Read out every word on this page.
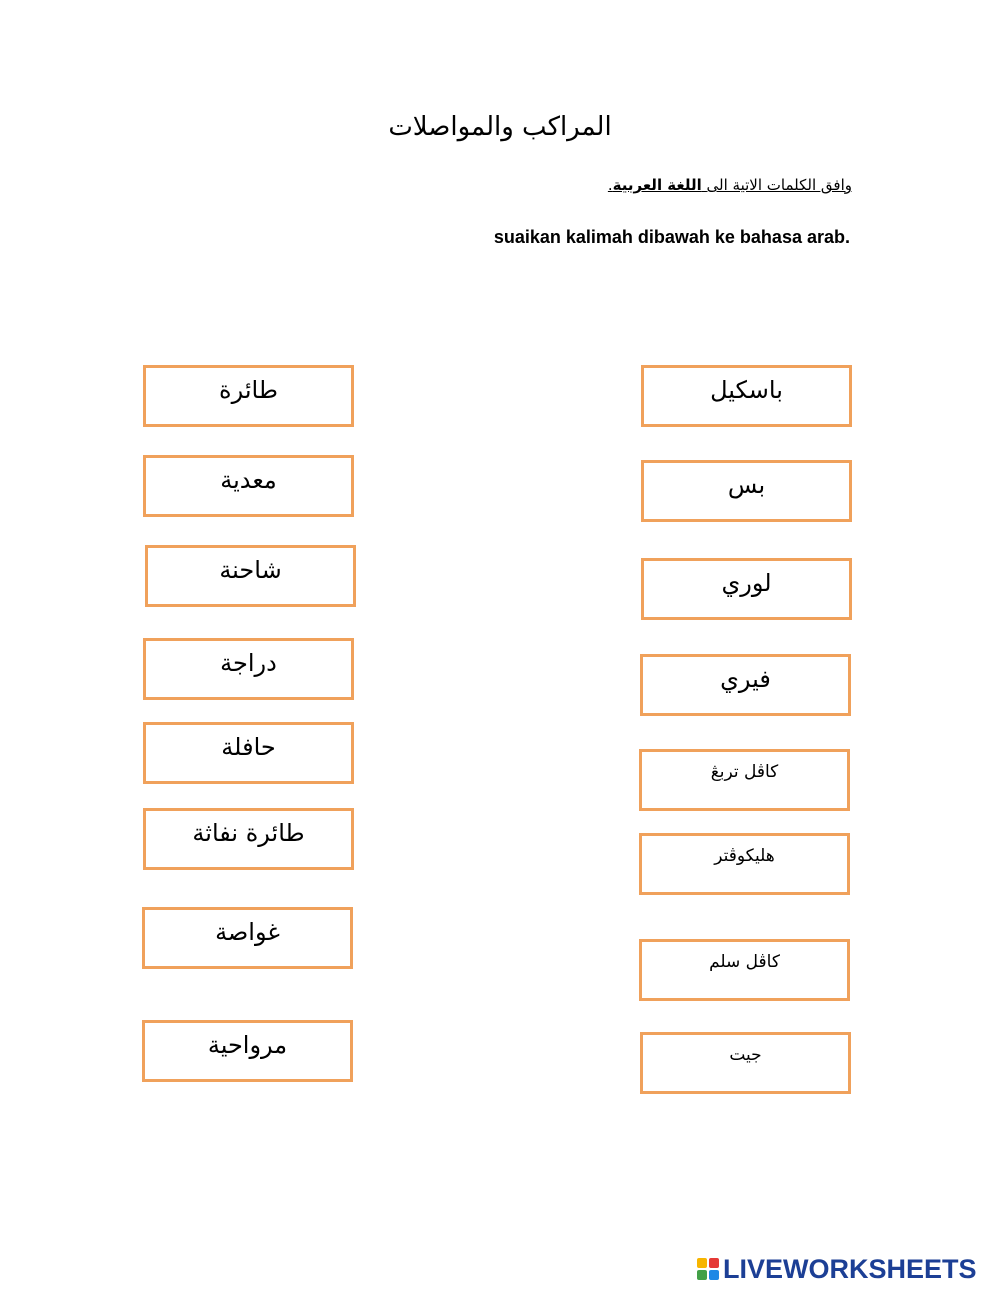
المراكب والمواصلات
وافق الكلمات الاتية الى اللغة العربية.
suaikan kalimah dibawah ke bahasa arab.
طائرة
معدية
شاحنة
دراجة
حافلة
طائرة نفاثة
غواصة
مرواحية
باسكيل
بس
لوري
فيري
كاڤل تربڠ
هليكوڤتر
كاڤل سلم
جيت
LIVEWORKSHEETS
